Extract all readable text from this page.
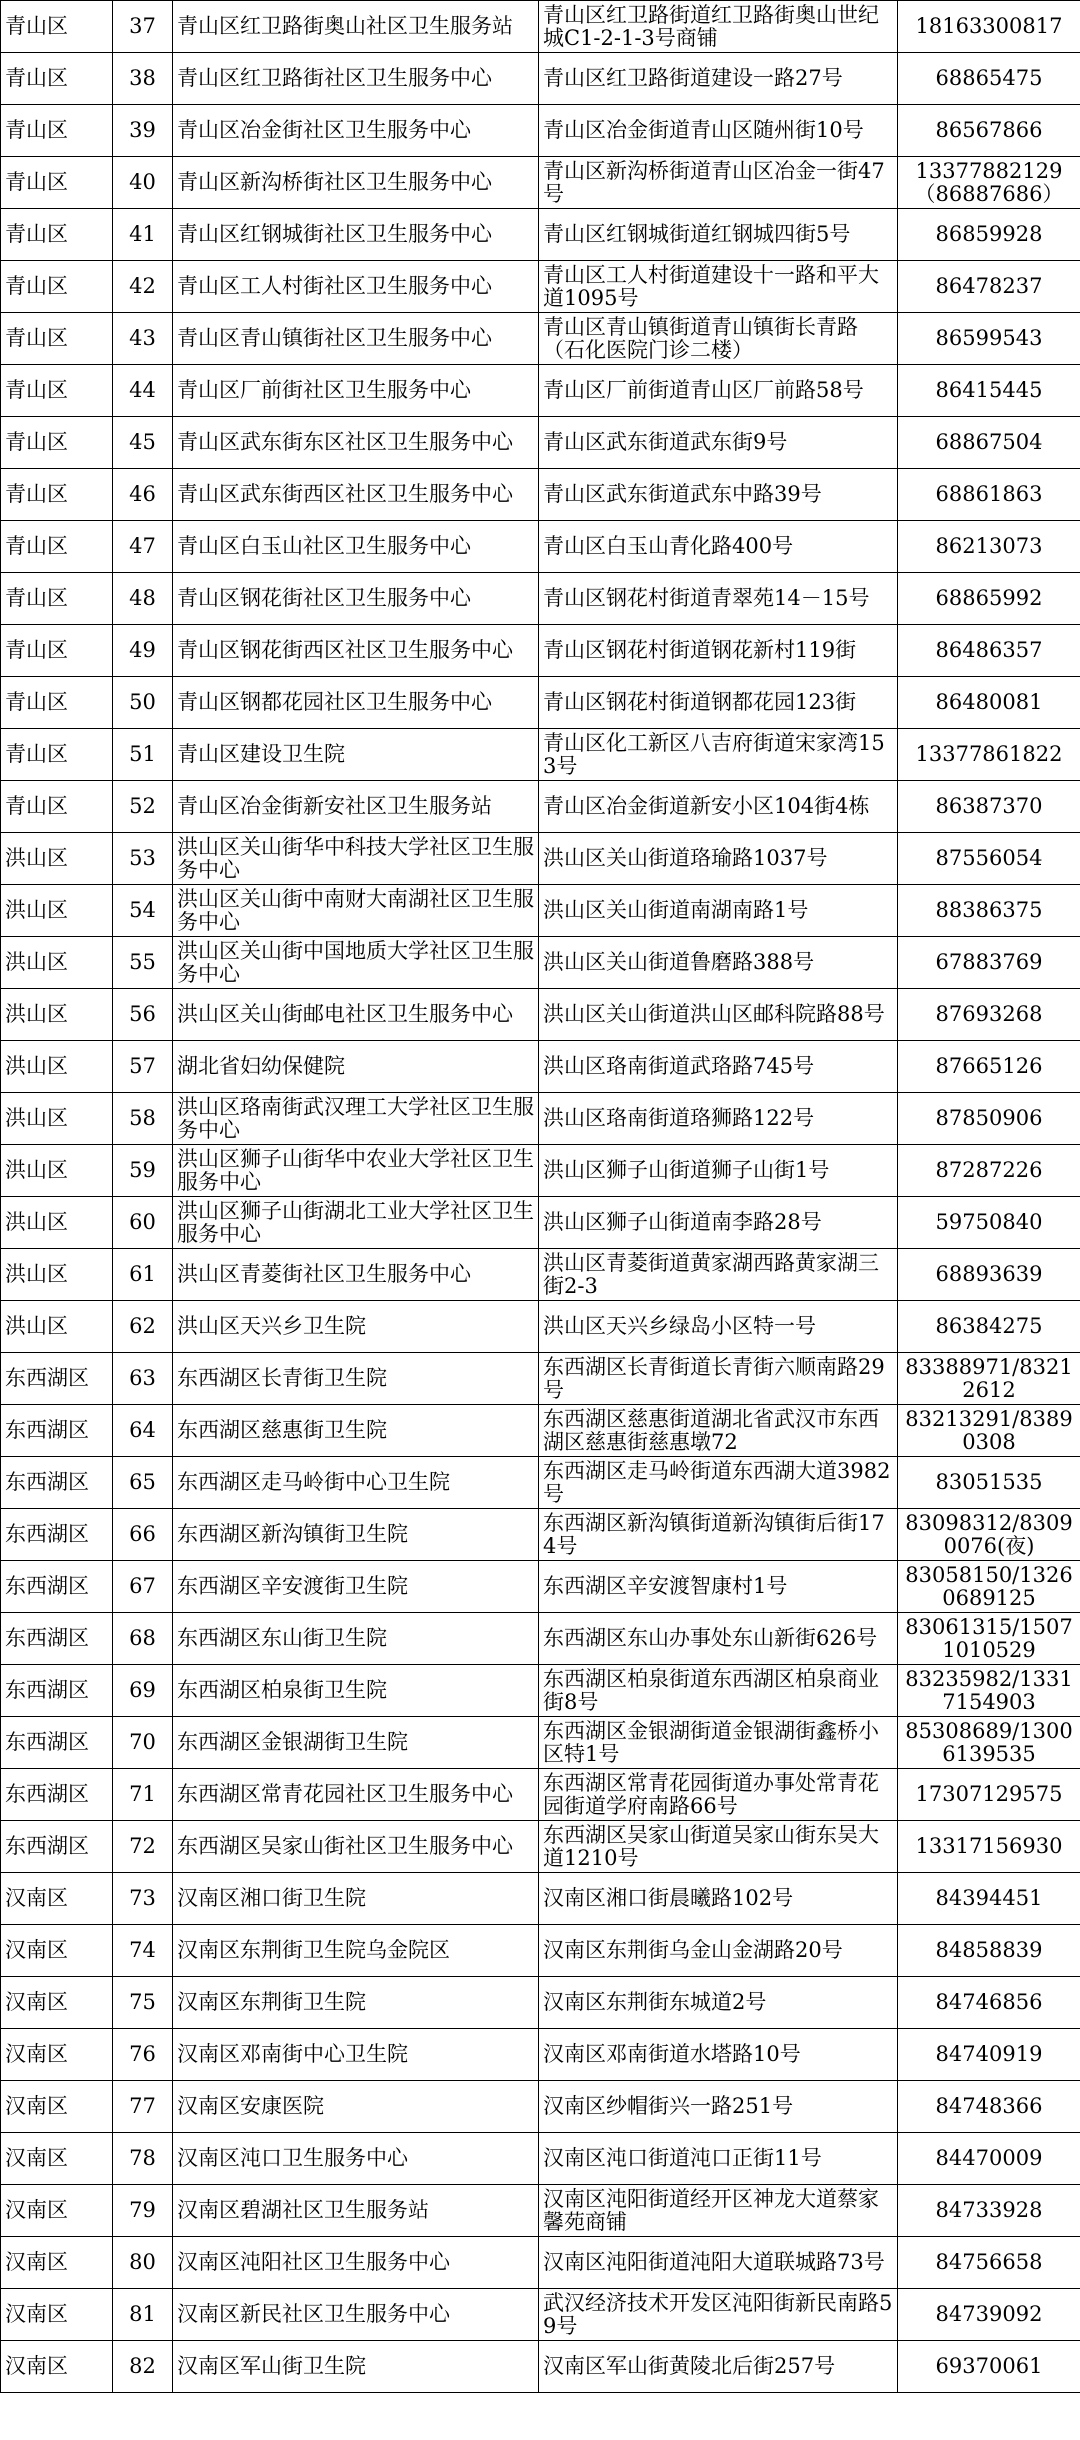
青山区	37	青山区红卫路街奥山社区卫生服务站	青山区红卫路街道红卫路街奥山世纪城C1-2-1-3号商铺	18163300817
青山区	38	青山区红卫路街社区卫生服务中心	青山区红卫路街道建设一路27号	68865475
青山区	39	青山区冶金街社区卫生服务中心	青山区冶金街道青山区随州街10号	86567866
青山区	40	青山区新沟桥街社区卫生服务中心	青山区新沟桥街道青山区冶金一街47号	13377882129（86887686）
青山区	41	青山区红钢城街社区卫生服务中心	青山区红钢城街道红钢城四街5号	86859928
青山区	42	青山区工人村街社区卫生服务中心	青山区工人村街道建设十一路和平大道1095号	86478237
青山区	43	青山区青山镇街社区卫生服务中心	青山区青山镇街道青山镇街长青路（石化医院门诊二楼）	86599543
青山区	44	青山区厂前街社区卫生服务中心	青山区厂前街道青山区厂前路58号	86415445
青山区	45	青山区武东街东区社区卫生服务中心	青山区武东街道武东街9号	68867504
青山区	46	青山区武东街西区社区卫生服务中心	青山区武东街道武东中路39号	68861863
青山区	47	青山区白玉山社区卫生服务中心	青山区白玉山青化路400号	86213073
青山区	48	青山区钢花街社区卫生服务中心	青山区钢花村街道青翠苑14－15号	68865992
青山区	49	青山区钢花街西区社区卫生服务中心	青山区钢花村街道钢花新村119街	86486357
青山区	50	青山区钢都花园社区卫生服务中心	青山区钢花村街道钢都花园123街	86480081
青山区	51	青山区建设卫生院	青山区化工新区八吉府街道宋家湾153号	13377861822
青山区	52	青山区冶金街新安社区卫生服务站	青山区冶金街道新安小区104街4栋	86387370
洪山区	53	洪山区关山街华中科技大学社区卫生服务中心	洪山区关山街道珞瑜路1037号	87556054
洪山区	54	洪山区关山街中南财大南湖社区卫生服务中心	洪山区关山街道南湖南路1号	88386375
洪山区	55	洪山区关山街中国地质大学社区卫生服务中心	洪山区关山街道鲁磨路388号	67883769
洪山区	56	洪山区关山街邮电社区卫生服务中心	洪山区关山街道洪山区邮科院路88号	87693268
洪山区	57	湖北省妇幼保健院	洪山区珞南街道武珞路745号	87665126
洪山区	58	洪山区珞南街武汉理工大学社区卫生服务中心	洪山区珞南街道珞狮路122号	87850906
洪山区	59	洪山区狮子山街华中农业大学社区卫生服务中心	洪山区狮子山街道狮子山街1号	87287226
洪山区	60	洪山区狮子山街湖北工业大学社区卫生服务中心	洪山区狮子山街道南李路28号	59750840
洪山区	61	洪山区青菱街社区卫生服务中心	洪山区青菱街道黄家湖西路黄家湖三街2-3	68893639
洪山区	62	洪山区天兴乡卫生院	洪山区天兴乡绿岛小区特一号	86384275
东西湖区	63	东西湖区长青街卫生院	东西湖区长青街道长青街六顺南路29号	83388971/83212612
东西湖区	64	东西湖区慈惠街卫生院	东西湖区慈惠街道湖北省武汉市东西湖区慈惠街慈惠墩72	83213291/83890308
东西湖区	65	东西湖区走马岭街中心卫生院	东西湖区走马岭街道东西湖大道3982号	83051535
东西湖区	66	东西湖区新沟镇街卫生院	东西湖区新沟镇街道新沟镇街后街174号	83098312/83090076(夜)
东西湖区	67	东西湖区辛安渡街卫生院	东西湖区辛安渡智康村1号	83058150/13260689125
东西湖区	68	东西湖区东山街卫生院	东西湖区东山办事处东山新街626号	83061315/15071010529
东西湖区	69	东西湖区柏泉街卫生院	东西湖区柏泉街道东西湖区柏泉商业街8号	83235982/13317154903
东西湖区	70	东西湖区金银湖街卫生院	东西湖区金银湖街道金银湖街鑫桥小区特1号	85308689/13006139535
东西湖区	71	东西湖区常青花园社区卫生服务中心	东西湖区常青花园街道办事处常青花园街道学府南路66号	17307129575
东西湖区	72	东西湖区吴家山街社区卫生服务中心	东西湖区吴家山街道吴家山街东吴大道1210号	13317156930
汉南区	73	汉南区湘口街卫生院	汉南区湘口街晨曦路102号	84394451
汉南区	74	汉南区东荆街卫生院乌金院区	汉南区东荆街乌金山金湖路20号	84858839
汉南区	75	汉南区东荆街卫生院	汉南区东荆街东城道2号	84746856
汉南区	76	汉南区邓南街中心卫生院	汉南区邓南街道水塔路10号	84740919
汉南区	77	汉南区安康医院	汉南区纱帽街兴一路251号	84748366
汉南区	78	汉南区沌口卫生服务中心	汉南区沌口街道沌口正街11号	84470009
汉南区	79	汉南区碧湖社区卫生服务站	汉南区沌阳街道经开区神龙大道蔡家馨苑商铺	84733928
汉南区	80	汉南区沌阳社区卫生服务中心	汉南区沌阳街道沌阳大道联城路73号	84756658
汉南区	81	汉南区新民社区卫生服务中心	武汉经济技术开发区沌阳街新民南路59号	84739092
汉南区	82	汉南区军山街卫生院	汉南区军山街黄陵北后街257号	69370061
